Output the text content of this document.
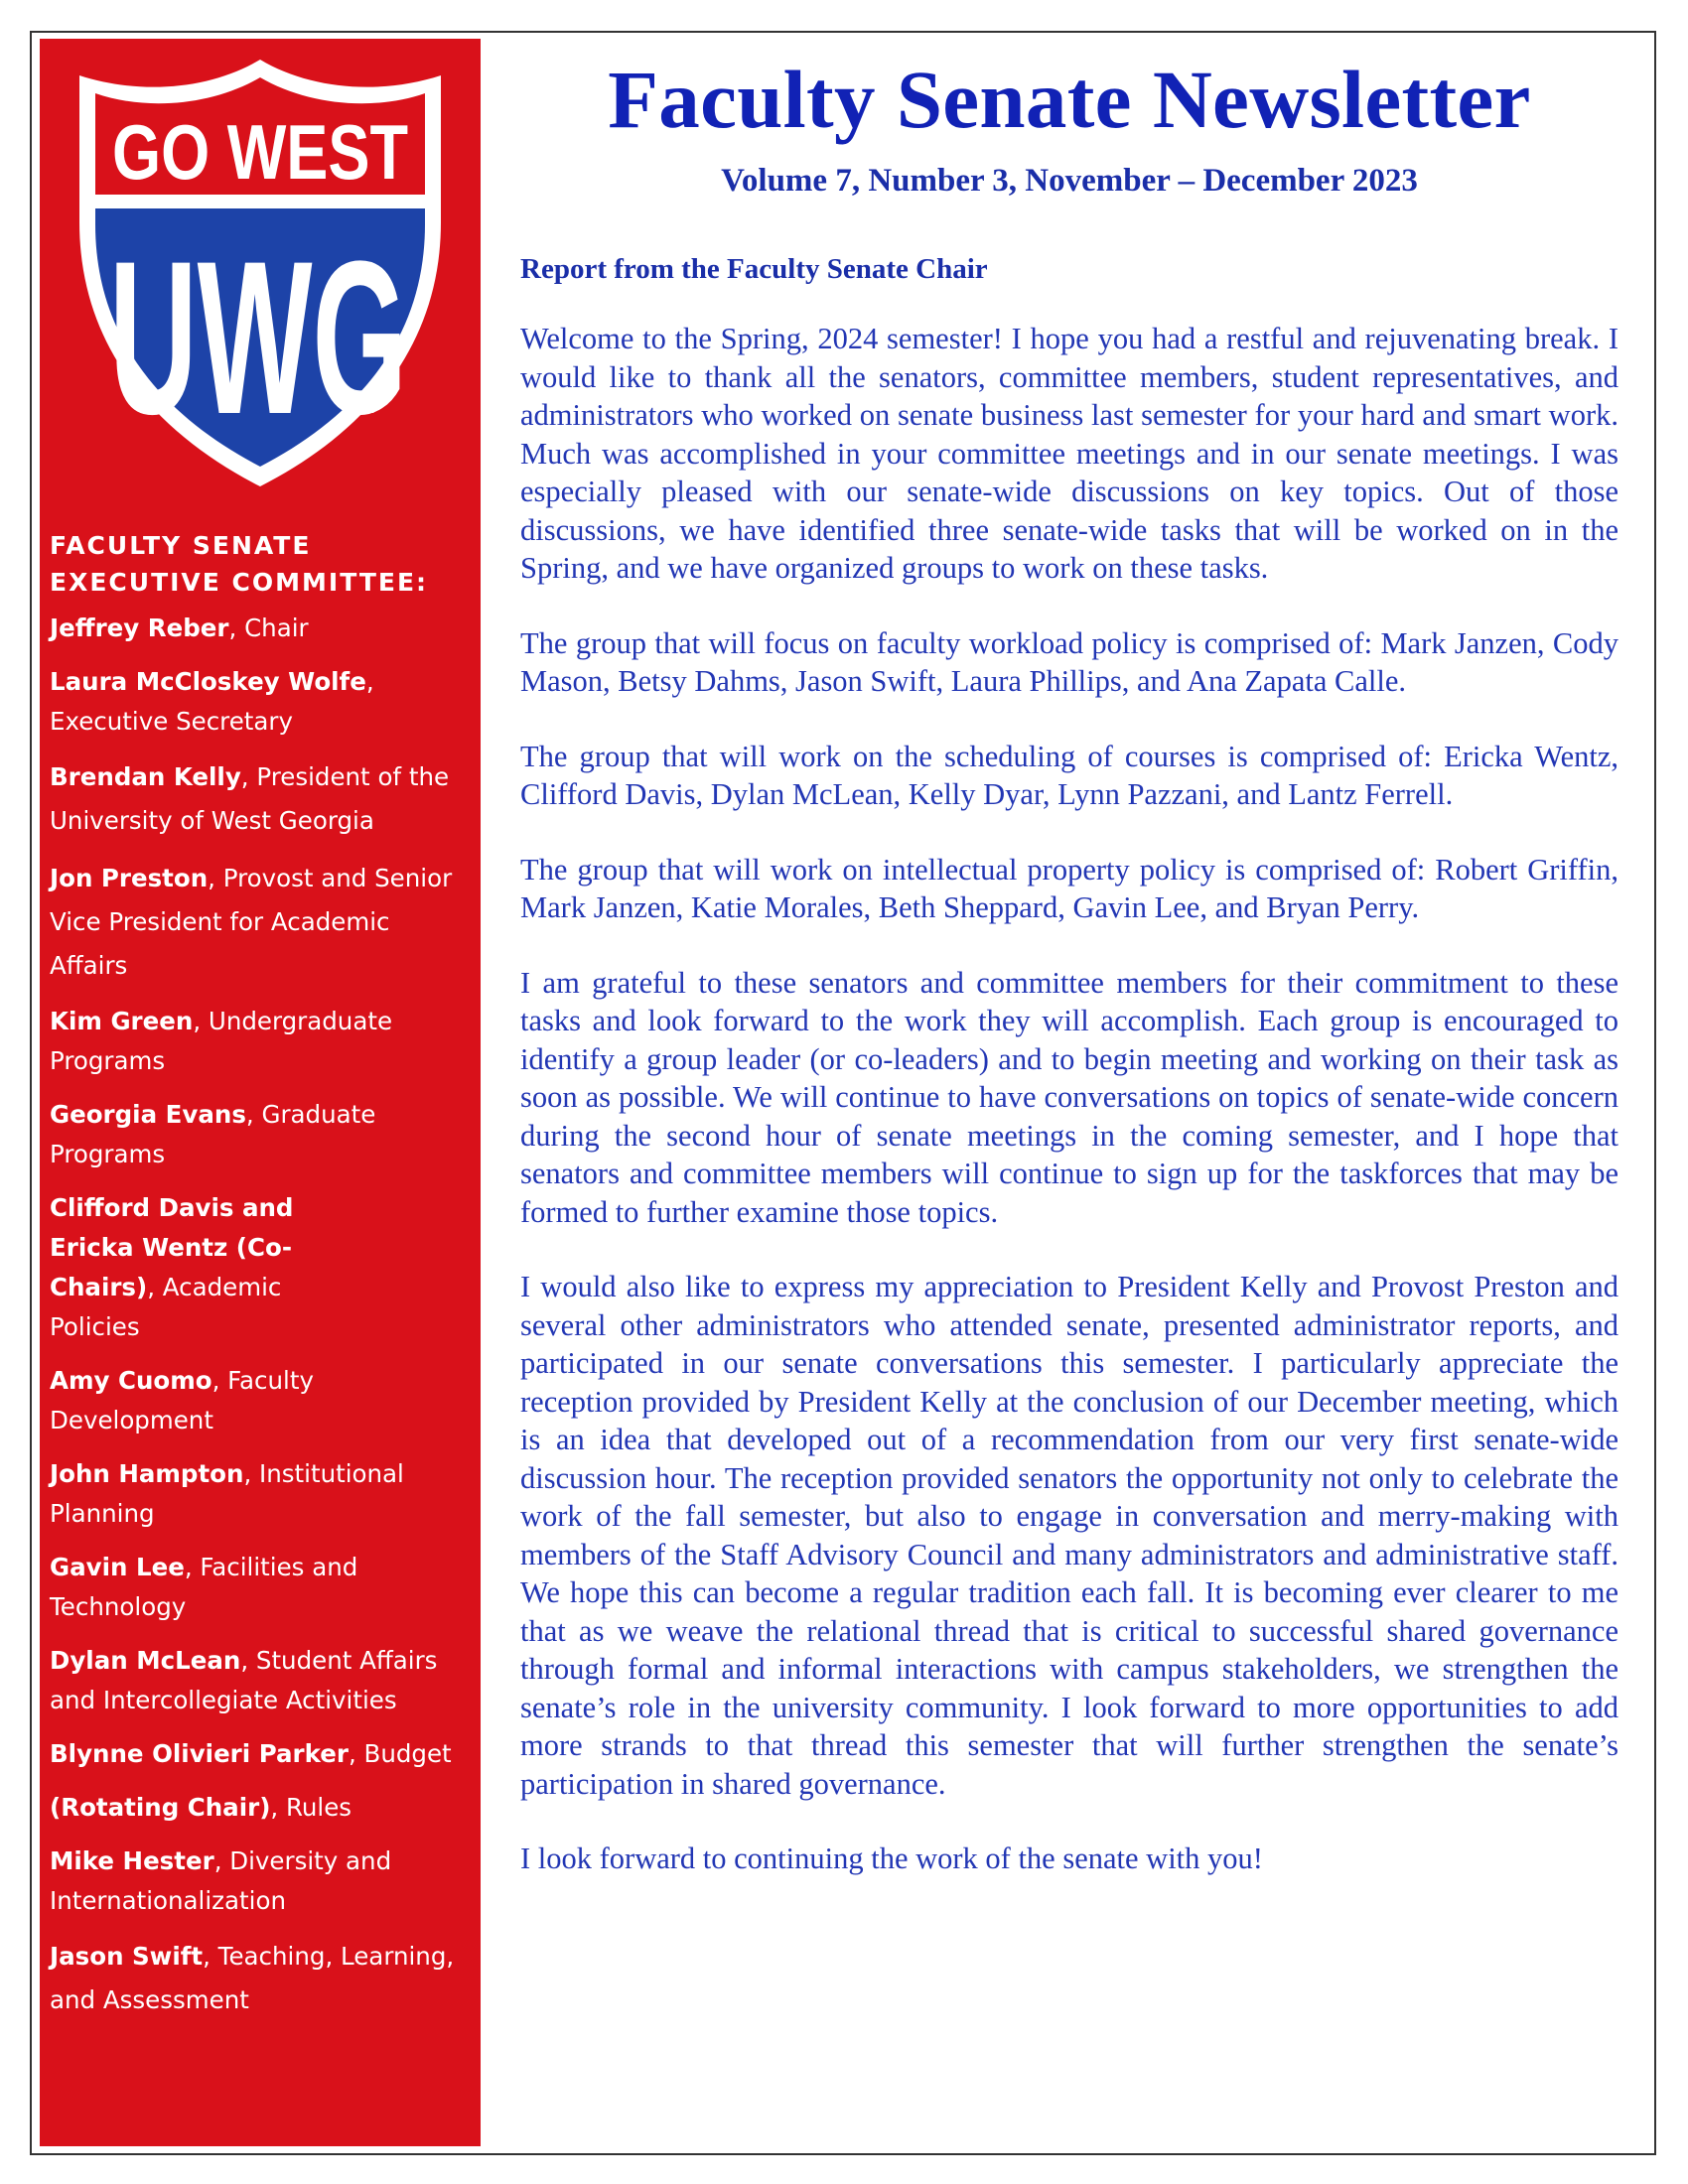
GO WEST
UWG
TM
FACULTY SENATE
EXECUTIVE COMMITTEE:
Jeffrey Reber, Chair
Laura McCloskey Wolfe, Executive Secretary
Brendan Kelly, President of the University of West Georgia
Jon Preston, Provost and Senior Vice President for Academic Affairs
Kim Green, Undergraduate Programs
Georgia Evans, Graduate Programs
Clifford Davis and Ericka Wentz (Co-Chairs), Academic Policies
Amy Cuomo, Faculty Development
John Hampton, Institutional Planning
Gavin Lee, Facilities and Technology
Dylan McLean, Student Affairs and Intercollegiate Activities
Blynne Olivieri Parker, Budget
(Rotating Chair), Rules
Mike Hester, Diversity and Internationalization
Jason Swift, Teaching, Learning, and Assessment
Faculty Senate Newsletter
Volume 7, Number 3, November – December 2023
Report from the Faculty Senate Chair

Welcome to the Spring, 2024 semester! I hope you had a restful and rejuvenating break. I would like to thank all the senators, committee members, student representatives, and administrators who worked on senate business last semester for your hard and smart work. Much was accomplished in your committee meetings and in our senate meetings. I was especially pleased with our senate-wide discussions on key topics. Out of those discussions, we have identified three senate-wide tasks that will be worked on in the Spring, and we have organized groups to work on these tasks.

The group that will focus on faculty workload policy is comprised of: Mark Janzen, Cody Mason, Betsy Dahms, Jason Swift, Laura Phillips, and Ana Zapata Calle.

The group that will work on the scheduling of courses is comprised of: Ericka Wentz, Clifford Davis, Dylan McLean, Kelly Dyar, Lynn Pazzani, and Lantz Ferrell.

The group that will work on intellectual property policy is comprised of: Robert Griffin, Mark Janzen, Katie Morales, Beth Sheppard, Gavin Lee, and Bryan Perry.

I am grateful to these senators and committee members for their commitment to these tasks and look forward to the work they will accomplish. Each group is encouraged to identify a group leader (or co-leaders) and to begin meeting and working on their task as soon as possible. We will continue to have conversations on topics of senate-wide concern during the second hour of senate meetings in the coming semester, and I hope that senators and committee members will continue to sign up for the taskforces that may be formed to further examine those topics.

I would also like to express my appreciation to President Kelly and Provost Preston and several other administrators who attended senate, presented administrator reports, and participated in our senate conversations this semester. I particularly appreciate the reception provided by President Kelly at the conclusion of our December meeting, which is an idea that developed out of a recommendation from our very first senate-wide discussion hour. The reception provided senators the opportunity not only to celebrate the work of the fall semester, but also to engage in conversation and merry-making with members of the Staff Advisory Council and many administrators and administrative staff. We hope this can become a regular tradition each fall. It is becoming ever clearer to me that as we weave the relational thread that is critical to successful shared governance through formal and informal interactions with campus stakeholders, we strengthen the senate’s role in the university community. I look forward to more opportunities to add more strands to that thread this semester that will further strengthen the senate’s participation in shared governance.

I look forward to continuing the work of the senate with you!
